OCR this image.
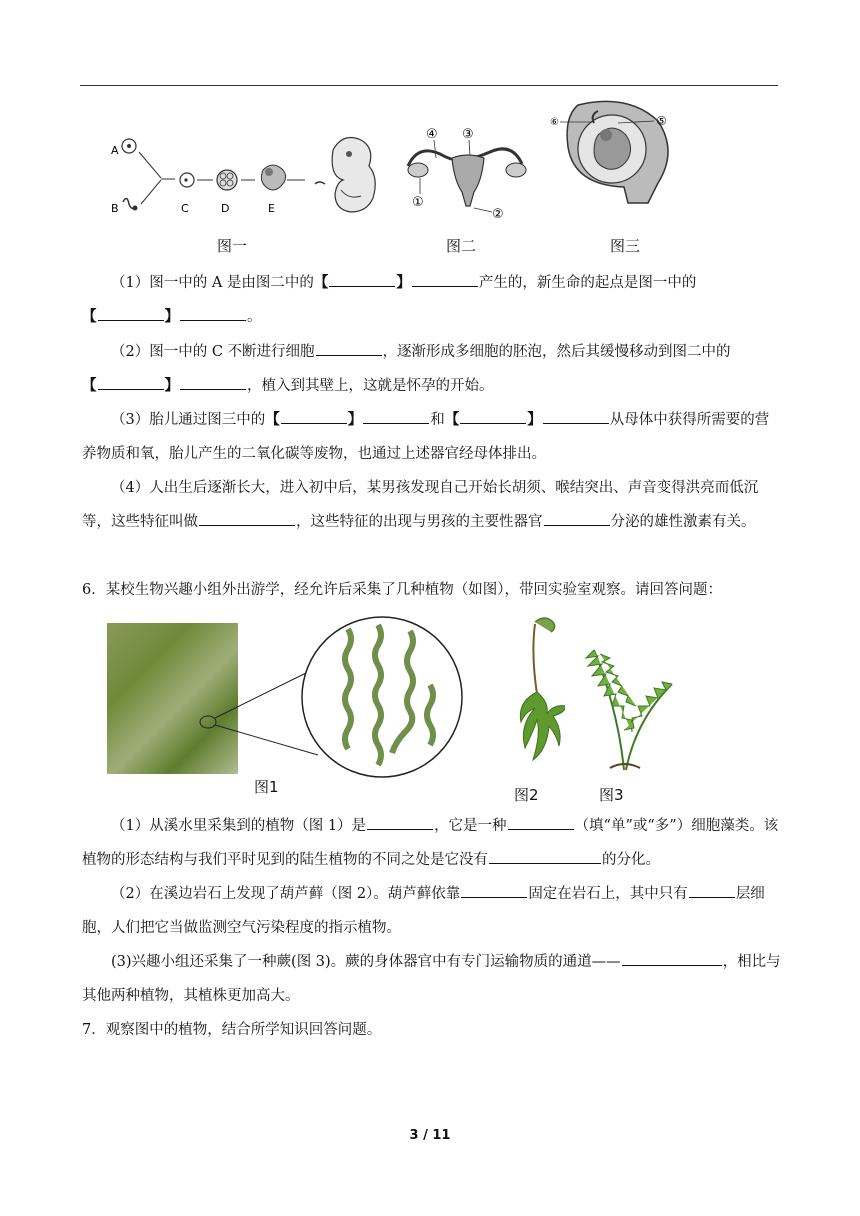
A
B	C	D	E
④ ③
①
②
⑥	⑤
图一	图二	图三
（1）图一中的 A 是由图二中的【	】	产生的，新生命的起点是图一中的
【	】	。
（2）图一中的 C 不断进行细胞	，逐渐形成多细胞的胚泡，然后其缓慢移动到图二中的
【	】	，植入到其壁上，这就是怀孕的开始。
（3）胎儿通过图三中的【	】	和【	】	从母体中获得所需要的营养物质和氧，胎儿产生的二氧化碳等废物，也通过上述器官经母体排出。
（4）人出生后逐渐长大，进入初中后，某男孩发现自己开始长胡须、喉结突出、声音变得洪亮而低沉等，这些特征叫做	，这些特征的出现与男孩的主要性器官	分泌的雄性激素有关。
6．某校生物兴趣小组外出游学，经允许后采集了几种植物（如图），带回实验室观察。请回答问题：
图1	图2	图3
（1）从溪水里采集到的植物（图 1）是	，它是一种	（填“单”或“多”）细胞藻类。该植物的形态结构与我们平时见到的陆生植物的不同之处是它没有	的分化。
（2）在溪边岩石上发现了葫芦藓（图 2）。葫芦藓依靠	固定在岩石上，其中只有	层细胞，人们把它当做监测空气污染程度的指示植物。
(3)兴趣小组还采集了一种蕨(图 3)。蕨的身体器官中有专门运输物质的通道——	，相比与其他两种植物，其植株更加高大。
7．观察图中的植物，结合所学知识回答问题。
3 / 11
